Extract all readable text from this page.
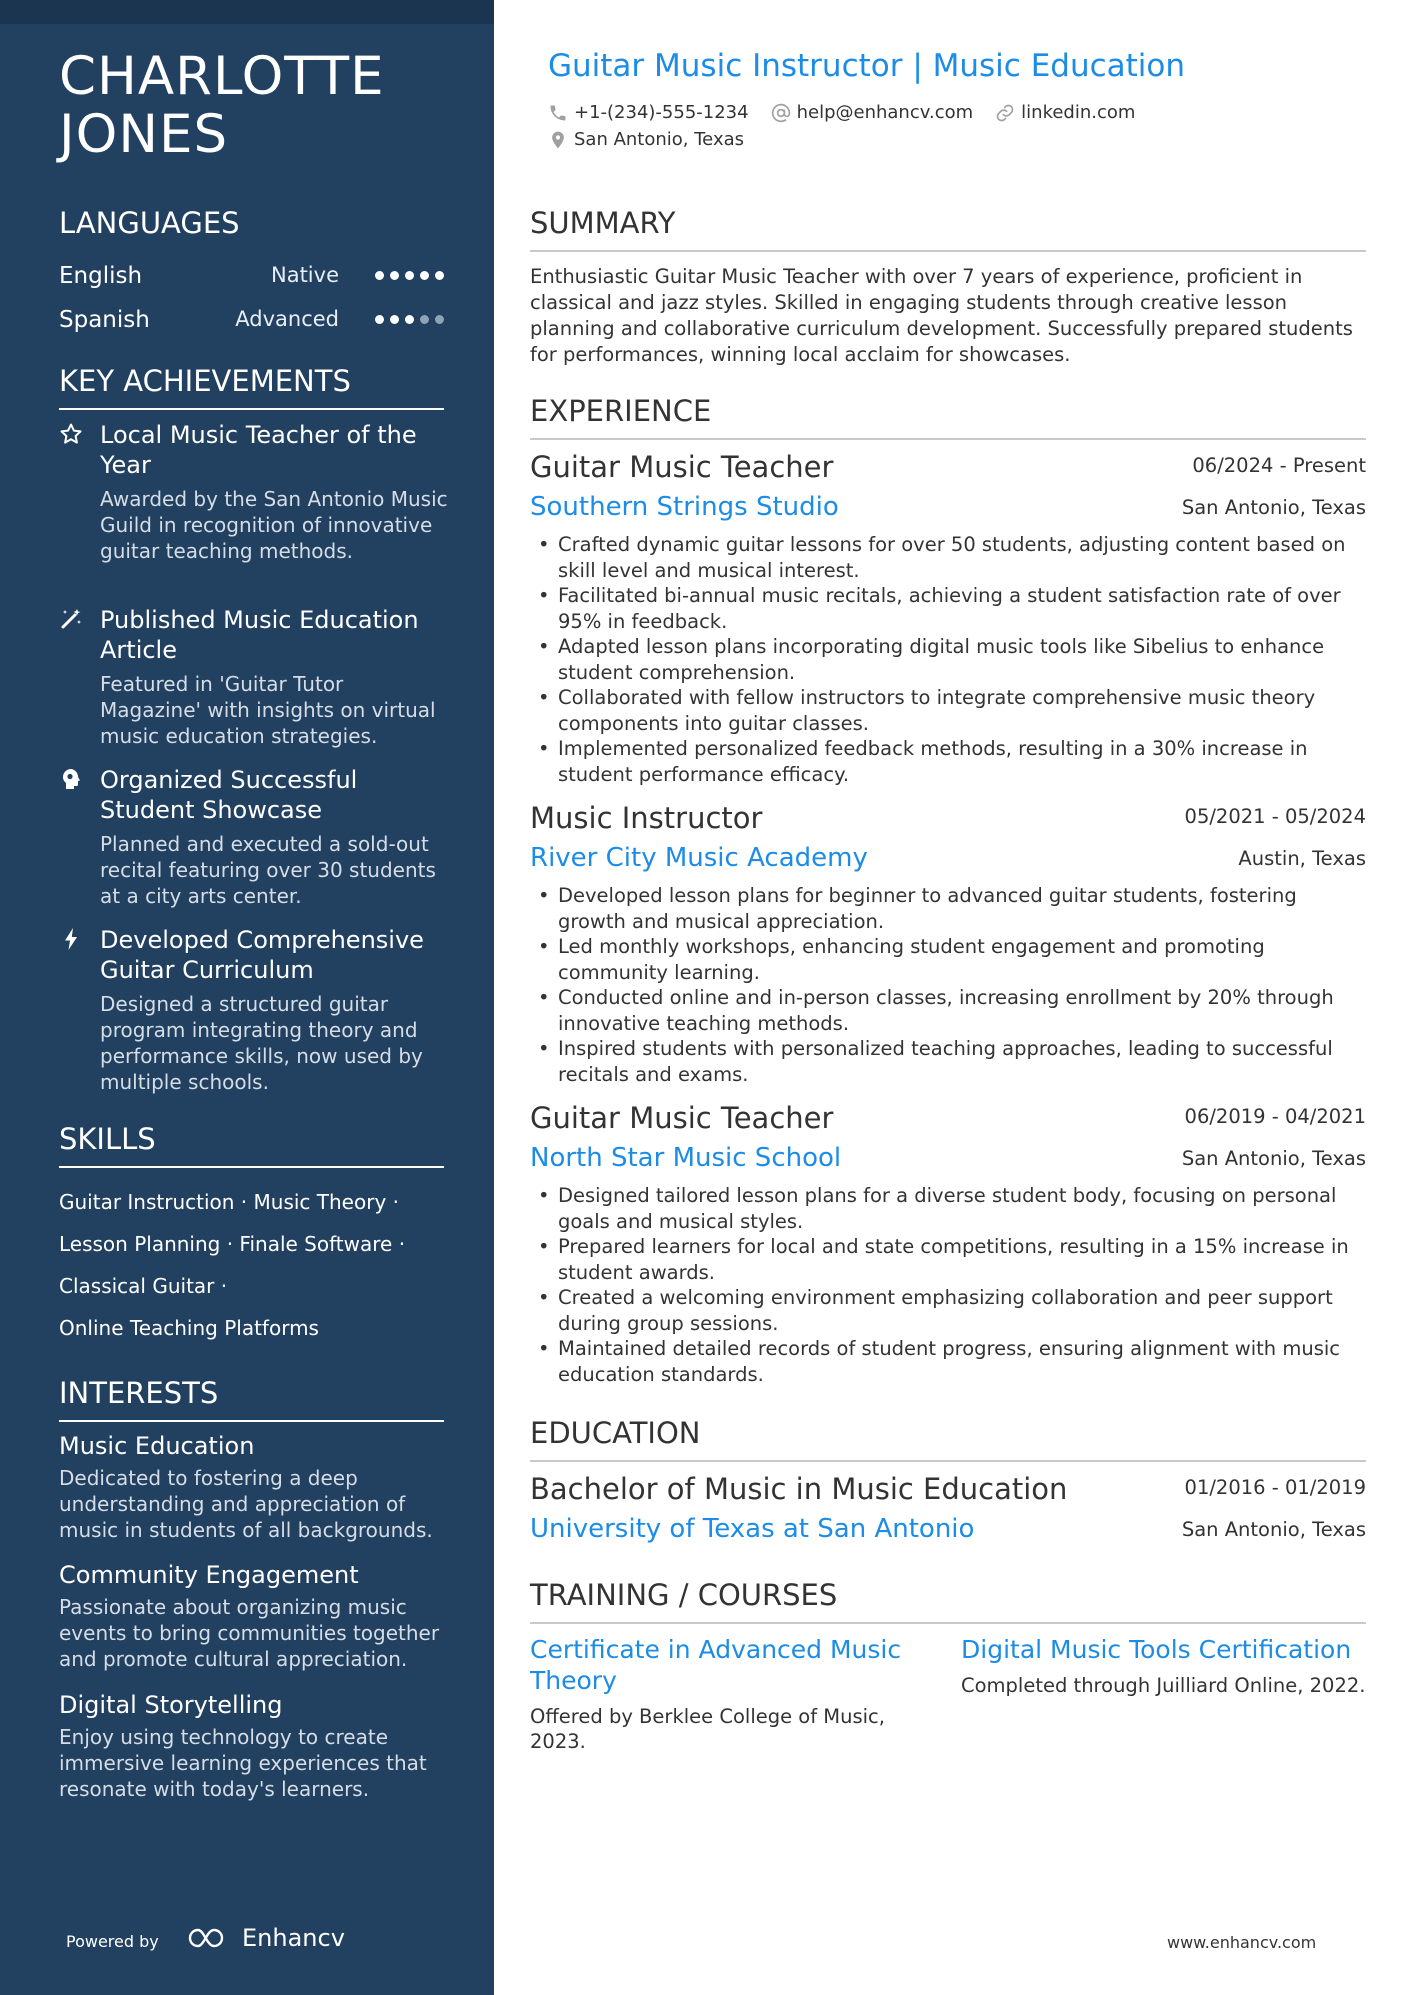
CHARLOTTE JONES
LANGUAGES
English	Native
Spanish	Advanced
KEY ACHIEVEMENTS
Local Music Teacher of the Year
Awarded by the San Antonio Music Guild in recognition of innovative guitar teaching methods.
Published Music Education Article
Featured in 'Guitar Tutor Magazine' with insights on virtual music education strategies.
Organized Successful Student Showcase
Planned and executed a sold-out recital featuring over 30 students at a city arts center.
Developed Comprehensive Guitar Curriculum
Designed a structured guitar program integrating theory and performance skills, now used by multiple schools.
SKILLS
Guitar Instruction · Music Theory ·
Lesson Planning · Finale Software ·
Classical Guitar ·
Online Teaching Platforms
INTERESTS
Music Education
Dedicated to fostering a deep understanding and appreciation of music in students of all backgrounds.
Community Engagement
Passionate about organizing music events to bring communities together and promote cultural appreciation.
Digital Storytelling
Enjoy using technology to create immersive learning experiences that resonate with today's learners.
Powered by	Enhancv
Guitar Music Instructor | Music Education
+1-(234)-555-1234	help@enhancv.com	linkedin.com
San Antonio, Texas
SUMMARY
Enthusiastic Guitar Music Teacher with over 7 years of experience, proficient in classical and jazz styles. Skilled in engaging students through creative lesson planning and collaborative curriculum development. Successfully prepared students for performances, winning local acclaim for showcases.
EXPERIENCE
Guitar Music Teacher	06/2024 - Present
Southern Strings Studio	San Antonio, Texas
• Crafted dynamic guitar lessons for over 50 students, adjusting content based on skill level and musical interest.
• Facilitated bi-annual music recitals, achieving a student satisfaction rate of over 95% in feedback.
• Adapted lesson plans incorporating digital music tools like Sibelius to enhance student comprehension.
• Collaborated with fellow instructors to integrate comprehensive music theory components into guitar classes.
• Implemented personalized feedback methods, resulting in a 30% increase in student performance efficacy.
Music Instructor	05/2021 - 05/2024
River City Music Academy	Austin, Texas
• Developed lesson plans for beginner to advanced guitar students, fostering growth and musical appreciation.
• Led monthly workshops, enhancing student engagement and promoting community learning.
• Conducted online and in-person classes, increasing enrollment by 20% through innovative teaching methods.
• Inspired students with personalized teaching approaches, leading to successful recitals and exams.
Guitar Music Teacher	06/2019 - 04/2021
North Star Music School	San Antonio, Texas
• Designed tailored lesson plans for a diverse student body, focusing on personal goals and musical styles.
• Prepared learners for local and state competitions, resulting in a 15% increase in student awards.
• Created a welcoming environment emphasizing collaboration and peer support during group sessions.
• Maintained detailed records of student progress, ensuring alignment with music education standards.
EDUCATION
Bachelor of Music in Music Education	01/2016 - 01/2019
University of Texas at San Antonio	San Antonio, Texas
TRAINING / COURSES
Certificate in Advanced Music Theory
Offered by Berklee College of Music, 2023.
Digital Music Tools Certification
Completed through Juilliard Online, 2022.
www.enhancv.com
